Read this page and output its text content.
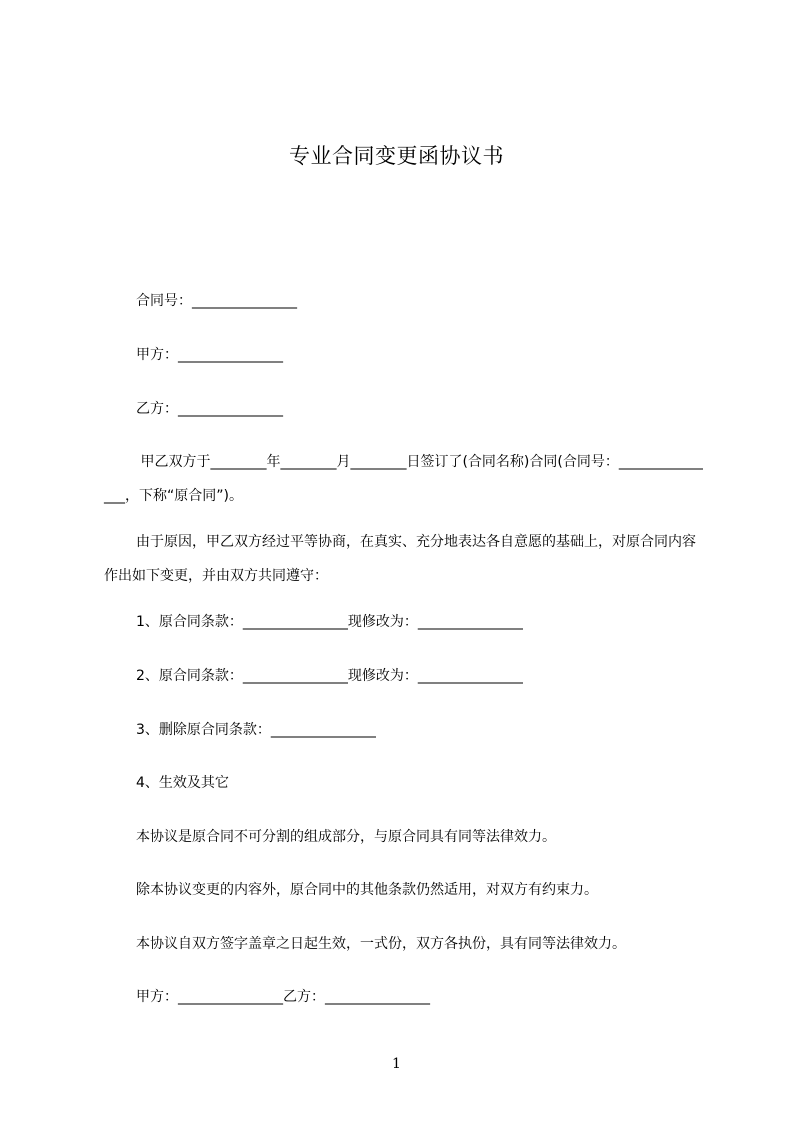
专业合同变更函协议书
合同号：_______________
甲方：_______________
乙方：_______________
甲乙双方于________年________月________日签订了(合同名称)合同(合同号：_______________，下称“原合同”)。
由于原因，甲乙双方经过平等协商，在真实、充分地表达各自意愿的基础上，对原合同内容作出如下变更，并由双方共同遵守：
1、原合同条款：_______________现修改为：_______________
2、原合同条款：_______________现修改为：_______________
3、删除原合同条款：_______________
4、生效及其它
本协议是原合同不可分割的组成部分，与原合同具有同等法律效力。
除本协议变更的内容外，原合同中的其他条款仍然适用，对双方有约束力。
本协议自双方签字盖章之日起生效，一式份，双方各执份，具有同等法律效力。
甲方：_______________乙方：_______________
1
